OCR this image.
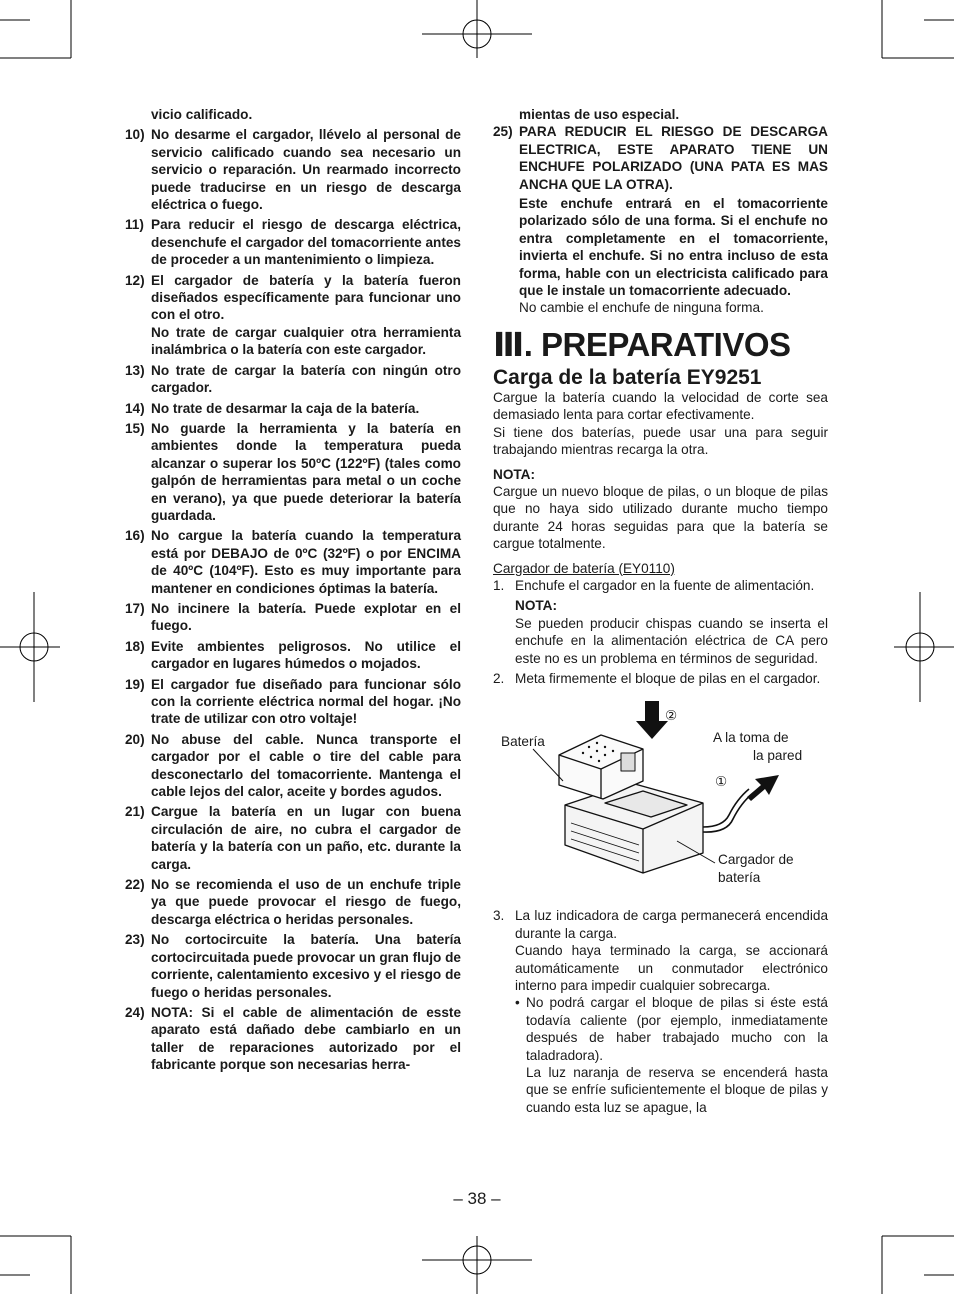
vicio calificado.
10) No desarme el cargador, llévelo al personal de servicio calificado cuando sea necesario un servicio o reparación. Un rearmado incorrecto puede traducirse en un riesgo de descarga eléctrica o fuego.
11) Para reducir el riesgo de descarga eléctrica, desenchufe el cargador del tomacorriente antes de proceder a un mantenimiento o limpieza.
12) El cargador de batería y la batería fueron diseñados específicamente para funcionar uno con el otro.
No trate de cargar cualquier otra herramienta inalámbrica o la batería con este cargador.
13) No trate de cargar la batería con ningún otro cargador.
14) No trate de desarmar la caja de la batería.
15) No guarde la herramienta y la batería en ambientes donde la temperatura pueda alcanzar o superar los 50ºC (122ºF) (tales como galpón de herramientas para metal o un coche en verano), ya que puede deteriorar la batería guardada.
16) No cargue la batería cuando la temperatura está por DEBAJO de 0ºC (32ºF) o por ENCIMA de 40ºC (104ºF). Esto es muy importante para mantener en condiciones óptimas la batería.
17) No incinere la batería. Puede explotar en el fuego.
18) Evite ambientes peligrosos. No utilice el cargador en lugares húmedos o mojados.
19) El cargador fue diseñado para funcionar sólo con la corriente eléctrica normal del hogar. ¡No trate de utilizar con otro voltaje!
20) No abuse del cable. Nunca transporte el cargador por el cable o tire del cable para desconectarlo del tomacorriente. Mantenga el cable lejos del calor, aceite y bordes agudos.
21) Cargue la batería en un lugar con buena circulación de aire, no cubra el cargador de batería y la batería con un paño, etc. durante la carga.
22) No se recomienda el uso de un enchufe triple ya que puede provocar el riesgo de fuego, descarga eléctrica o heridas personales.
23) No cortocircuite la batería. Una batería cortocircuitada puede provocar un gran flujo de corriente, calentamiento excesivo y el riesgo de fuego o heridas personales.
24) NOTA: Si el cable de alimentación de esste aparato está dañado debe cambiarlo en un taller de reparaciones autorizado por el fabricante porque son necesarias herra-

mientas de uso especial.

25) PARA REDUCIR EL RIESGO DE DESCARGA ELECTRICA, ESTE APARATO TIENE UN ENCHUFE POLARIZADO (UNA PATA ES MAS ANCHA QUE LA OTRA).

Este enchufe entrará en el tomacorriente polarizado sólo de una forma. Si el enchufe no entra completamente en el tomacorriente, invierta el enchufe. Si no entra incluso de esta forma, hable con un electricista calificado para que le instale un tomacorriente adecuado.

No cambie el enchufe de ninguna forma.

Ⅲ. PREPARATIVOS
Carga de la batería EY9251

Cargue la batería cuando la velocidad de corte sea demasiado lenta para cortar efectivamente.

Si tiene dos baterías, puede usar una para seguir trabajando mientras recarga la otra.

NOTA:

Cargue un nuevo bloque de pilas, o un bloque de pilas que no haya sido utilizado durante mucho tiempo durante 24 horas seguidas para que la batería se cargue totalmente.

Cargador de batería (EY0110)

1. Enchufe el cargador en la fuente de alimentación.

NOTA:

Se pueden producir chispas cuando se inserta el enchufe en la alimentación eléctrica de CA pero este no es un problema en términos de seguridad.

2. Meta firmemente el bloque de pilas en el cargador.
②
Batería	A la toma de
la pared
①
Cargador de
batería
3. La luz indicadora de carga permanecerá encendida durante la carga.

Cuando haya terminado la carga, se accionará automáticamente un conmutador electrónico interno para impedir cualquier sobrecarga.

• No podrá cargar el bloque de pilas si éste está todavía caliente (por ejemplo, inmediatamente después de haber trabajado mucho con la taladradora).

La luz naranja de reserva se encenderá hasta que se enfríe suficientemente el bloque de pilas y cuando esta luz se apague, la

– 38 –
